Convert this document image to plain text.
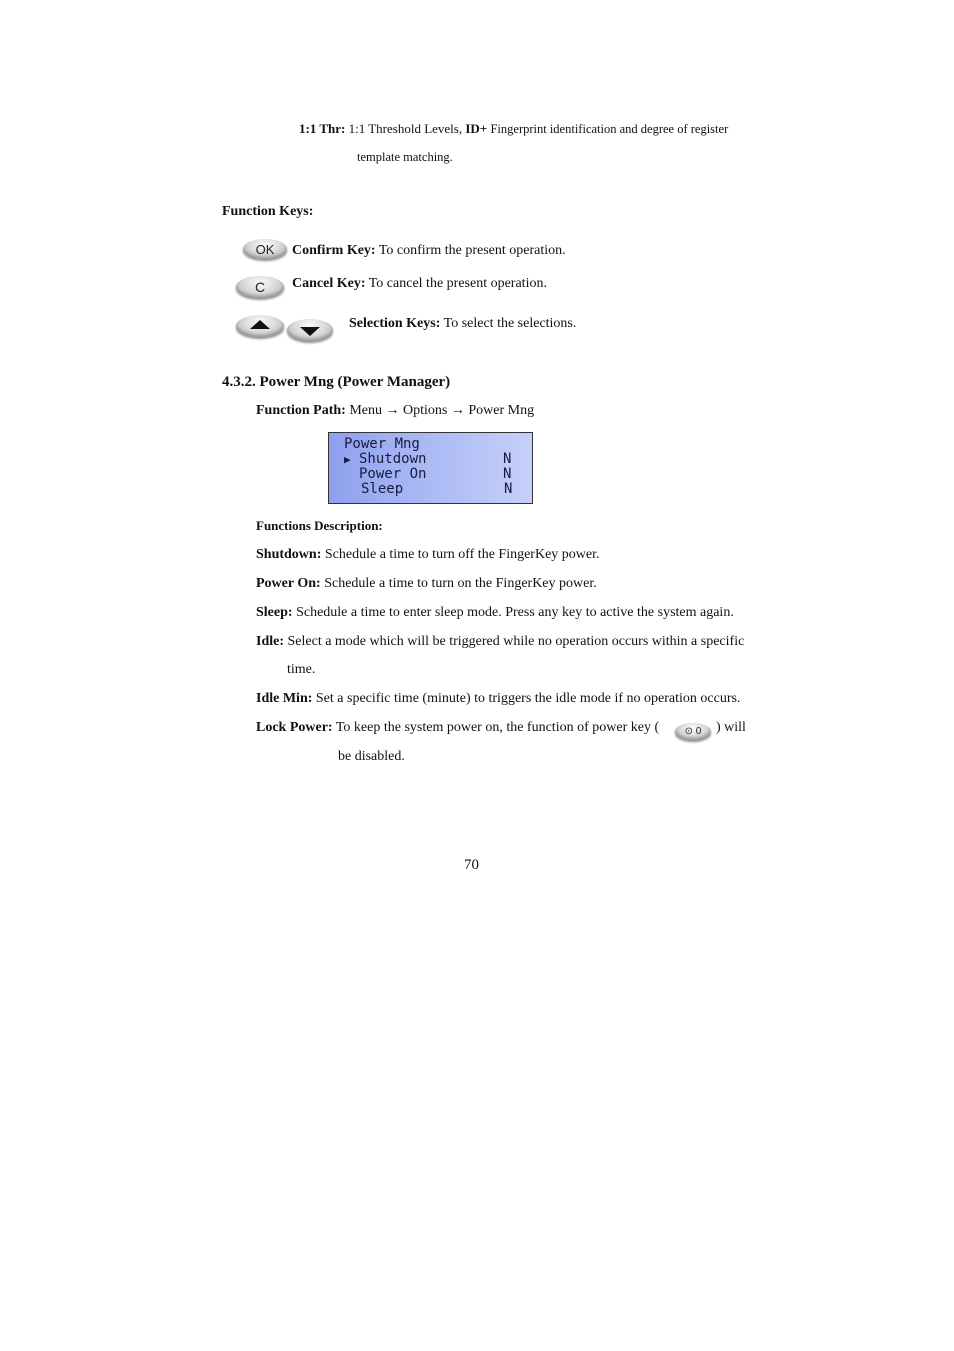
1:1 Thr: 1:1 Threshold Levels, ID+ Fingerprint identification and degree of register
template matching.
Function Keys:
OK Confirm Key: To confirm the present operation.
C Cancel Key: To cancel the present operation.
Selection Keys: To select the selections.
4.3.2. Power Mng (Power Manager)
Function Path: Menu → Options → Power Mng
Power Mng
▶ Shutdown	N
Power On	N
Sleep	N
Functions Description:
Shutdown: Schedule a time to turn off the FingerKey power.
Power On: Schedule a time to turn on the FingerKey power.
Sleep: Schedule a time to enter sleep mode. Press any key to active the system again.
Idle: Select a mode which will be triggered while no operation occurs within a specific
time.
Idle Min: Set a specific time (minute) to triggers the idle mode if no operation occurs.
Lock Power: To keep the system power on, the function of power key (	⊙ 0 ) will
be disabled.
70
